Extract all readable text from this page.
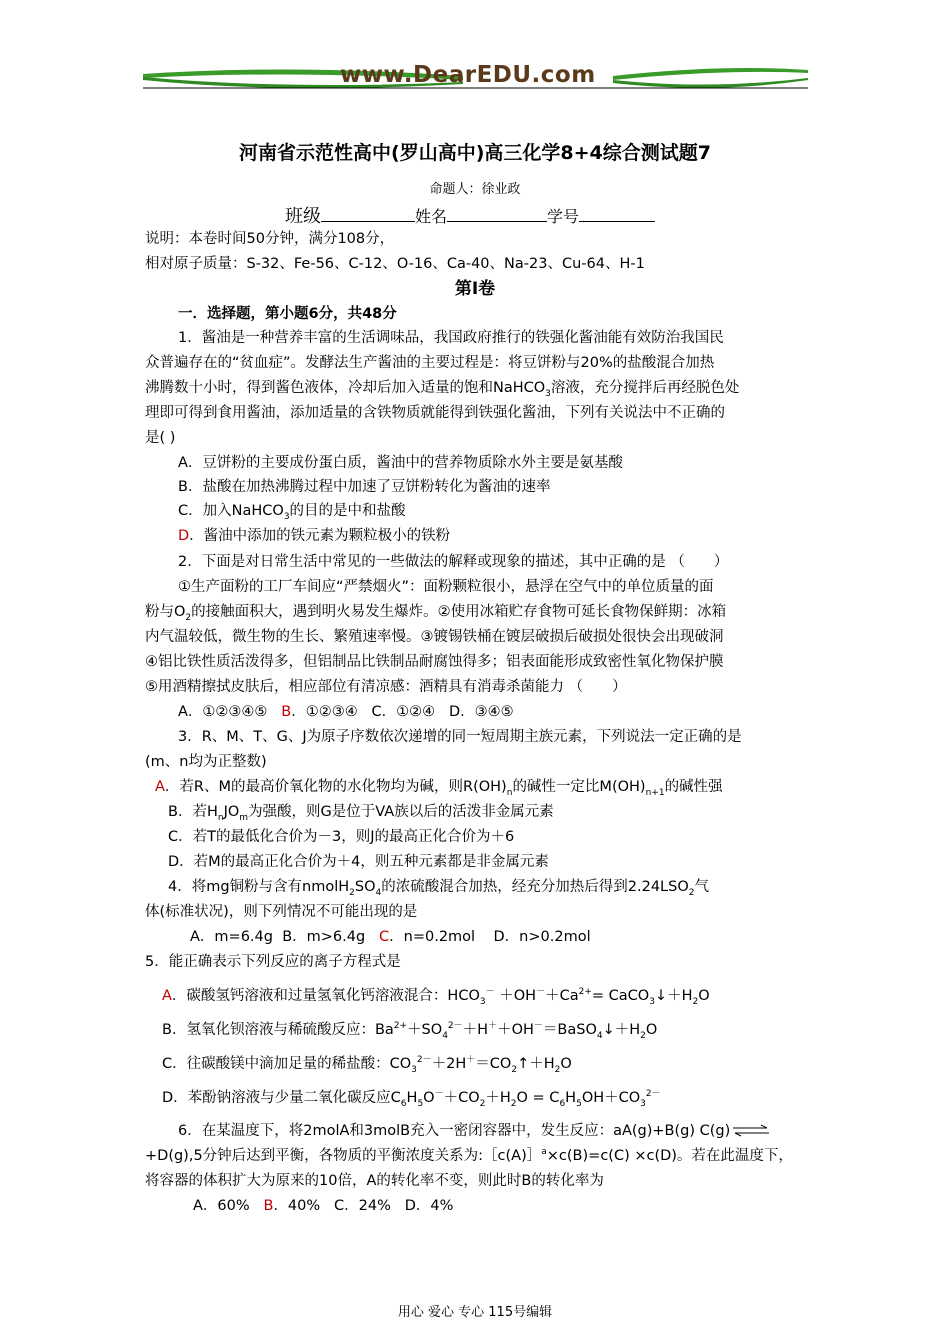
www.DearEDU.com
河南省示范性高中(罗山高中)高三化学8+4综合测试题7
命题人：徐业政
班级	姓名	学号
说明：本卷时间50分钟，满分108分，
相对原子质量：S-32、Fe-56、C-12、O-16、Ca-40、Na-23、Cu-64、H-1
第Ⅰ卷
一．选择题，第小题6分，共48分
1．酱油是一种营养丰富的生活调味品，我国政府推行的铁强化酱油能有效防治我国民
众普遍存在的“贫血症”。发酵法生产酱油的主要过程是：将豆饼粉与20%的盐酸混合加热
沸腾数十小时，得到酱色液体，冷却后加入适量的饱和NaHCO$_3$溶液，充分搅拌后再经脱色处
理即可得到食用酱油，添加适量的含铁物质就能得到铁强化酱油，下列有关说法中不正确的
是( )
A．豆饼粉的主要成份蛋白质，酱油中的营养物质除水外主要是氨基酸
B．盐酸在加热沸腾过程中加速了豆饼粉转化为酱油的速率
C．加入NaHCO$_3$的目的是中和盐酸
D．酱油中添加的铁元素为颗粒极小的铁粉
2．下面是对日常生活中常见的一些做法的解释或现象的描述，其中正确的是 （　　）
①生产面粉的工厂车间应“严禁烟火”：面粉颗粒很小，悬浮在空气中的单位质量的面
粉与$O_2$的接触面积大，遇到明火易发生爆炸。②使用冰箱贮存食物可延长食物保鲜期：冰箱
内气温较低，微生物的生长、繁殖速率慢。③镀锡铁桶在镀层破损后破损处很快会出现破洞
④铝比铁性质活泼得多，但铝制品比铁制品耐腐蚀得多；铝表面能形成致密性氧化物保护膜
⑤用酒精擦拭皮肤后，相应部位有清凉感：酒精具有消毒杀菌能力 （　　）
A．①②③④⑤ B．①②③④ C．①②④ D．③④⑤
3．R、M、T、G、J为原子序数依次递增的同一短周期主族元素，下列说法一定正确的是
(m、n均为正整数)
A．若R、M的最高价氧化物的水化物均为碱，则$R(OH)_n$的碱性一定比$M(OH)_{n+1}$的碱性强
B．若$H_nJO_m$为强酸，则G是位于VA族以后的活泼非金属元素
C．若T的最低化合价为－3，则J的最高正化合价为＋6
D．若M的最高正化合价为＋4，则五种元素都是非金属元素
4．将mg铜粉与含有$nmolH_2SO_4$的浓硫酸混合加热，经充分加热后得到$2.24LSO_2$气
体(标准状况)，则下列情况不可能出现的是
A．m=6.4g B．m>6.4g C．n=0.2mol D．n>0.2mol
5．能正确表示下列反应的离子方程式是
A．碳酸氢钙溶液和过量氢氧化钙溶液混合：$HCO_3^- +OH^-+Ca^{2+}=$ $CaCO_3↓+H_2O$
B．氢氧化钡溶液与稀硫酸反应：$Ba^{2+}+SO_4^{2-}+H^++OH^-=BaSO_4↓+H_2O$
C．往碳酸镁中滴加足量的稀盐酸：$CO_3^{2-}+2H^+=CO_2↑+H_2O$
D．苯酚钠溶液与少量二氧化碳反应$C_6H_5O^-+CO_2+H_2O = C_6H_5OH+CO_3^{2-}$
6．在某温度下，将2molA和3molB充入一密闭容器中，发生反应：aA(g)+B(g) C(g) ⇌
+D(g),5分钟后达到平衡，各物质的平衡浓度关系为:［c(A)］$^a$×c(B)=c(C) ×c(D)。若在此温度下，
将容器的体积扩大为原来的10倍，A的转化率不变，则此时B的转化率为
A．60% B．40% C．24% D．4%
用心 爱心 专心 115号编辑
